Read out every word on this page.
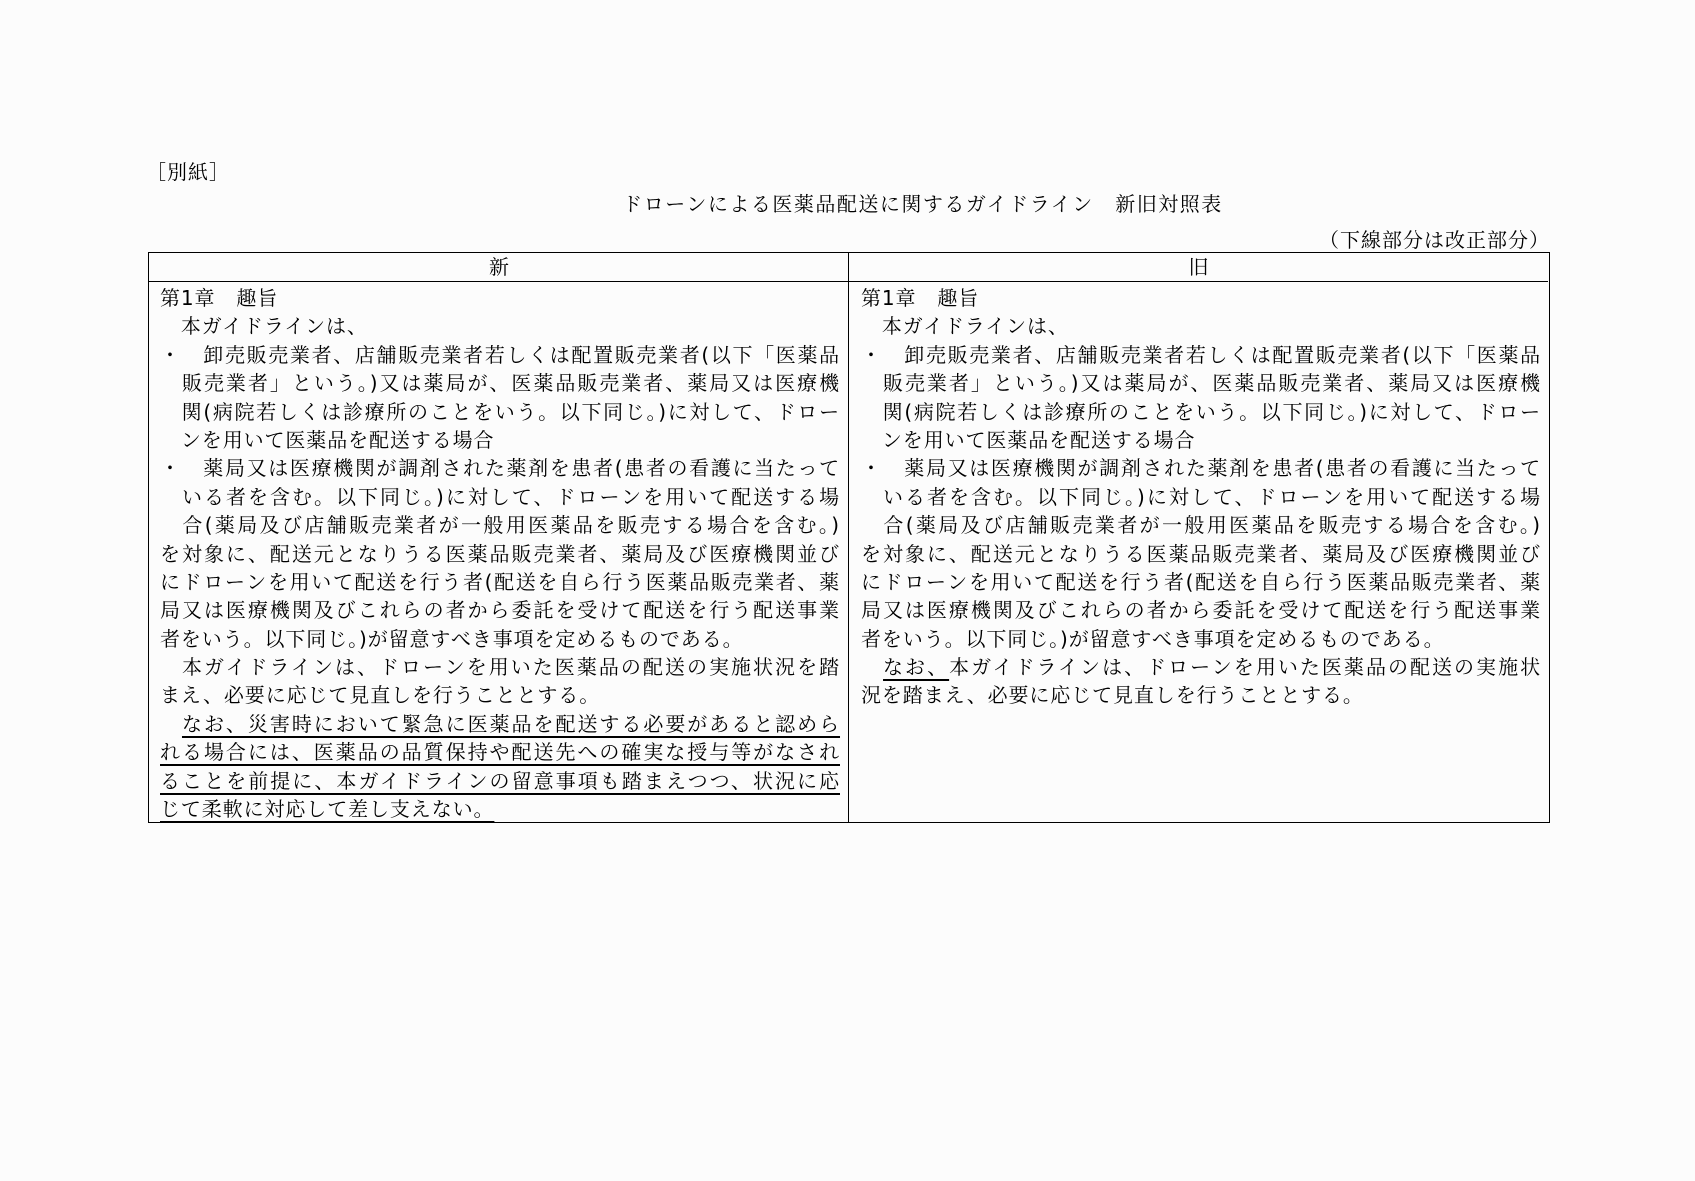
［別紙］
ドローンによる医薬品配送に関するガイドライン　新旧対照表
（下線部分は改正部分）
新	旧
第1章　趣旨
　本ガイドラインは、
・　卸売販売業者、店舗販売業者若しくは配置販売業者(以下「医薬品
　販売業者」という。)又は薬局が、医薬品販売業者、薬局又は医療機
　関(病院若しくは診療所のことをいう。以下同じ。)に対して、ドロー
　ンを用いて医薬品を配送する場合
・　薬局又は医療機関が調剤された薬剤を患者(患者の看護に当たって
　いる者を含む。以下同じ。)に対して、ドローンを用いて配送する場
　合(薬局及び店舗販売業者が一般用医薬品を販売する場合を含む。)
を対象に、配送元となりうる医薬品販売業者、薬局及び医療機関並び
にドローンを用いて配送を行う者(配送を自ら行う医薬品販売業者、薬
局又は医療機関及びこれらの者から委託を受けて配送を行う配送事業
者をいう。以下同じ。)が留意すべき事項を定めるものである。
　本ガイドラインは、ドローンを用いた医薬品の配送の実施状況を踏
まえ、必要に応じて見直しを行うこととする。
　なお、災害時において緊急に医薬品を配送する必要があると認めら
れる場合には、医薬品の品質保持や配送先への確実な授与等がなされ
ることを前提に、本ガイドラインの留意事項も踏まえつつ、状況に応
じて柔軟に対応して差し支えない。
第1章　趣旨
　本ガイドラインは、
・　卸売販売業者、店舗販売業者若しくは配置販売業者(以下「医薬品
　販売業者」という。)又は薬局が、医薬品販売業者、薬局又は医療機
　関(病院若しくは診療所のことをいう。以下同じ。)に対して、ドロー
　ンを用いて医薬品を配送する場合
・　薬局又は医療機関が調剤された薬剤を患者(患者の看護に当たって
　いる者を含む。以下同じ。)に対して、ドローンを用いて配送する場
　合(薬局及び店舗販売業者が一般用医薬品を販売する場合を含む。)
を対象に、配送元となりうる医薬品販売業者、薬局及び医療機関並び
にドローンを用いて配送を行う者(配送を自ら行う医薬品販売業者、薬
局又は医療機関及びこれらの者から委託を受けて配送を行う配送事業
者をいう。以下同じ。)が留意すべき事項を定めるものである。
　なお、本ガイドラインは、ドローンを用いた医薬品の配送の実施状
況を踏まえ、必要に応じて見直しを行うこととする。
